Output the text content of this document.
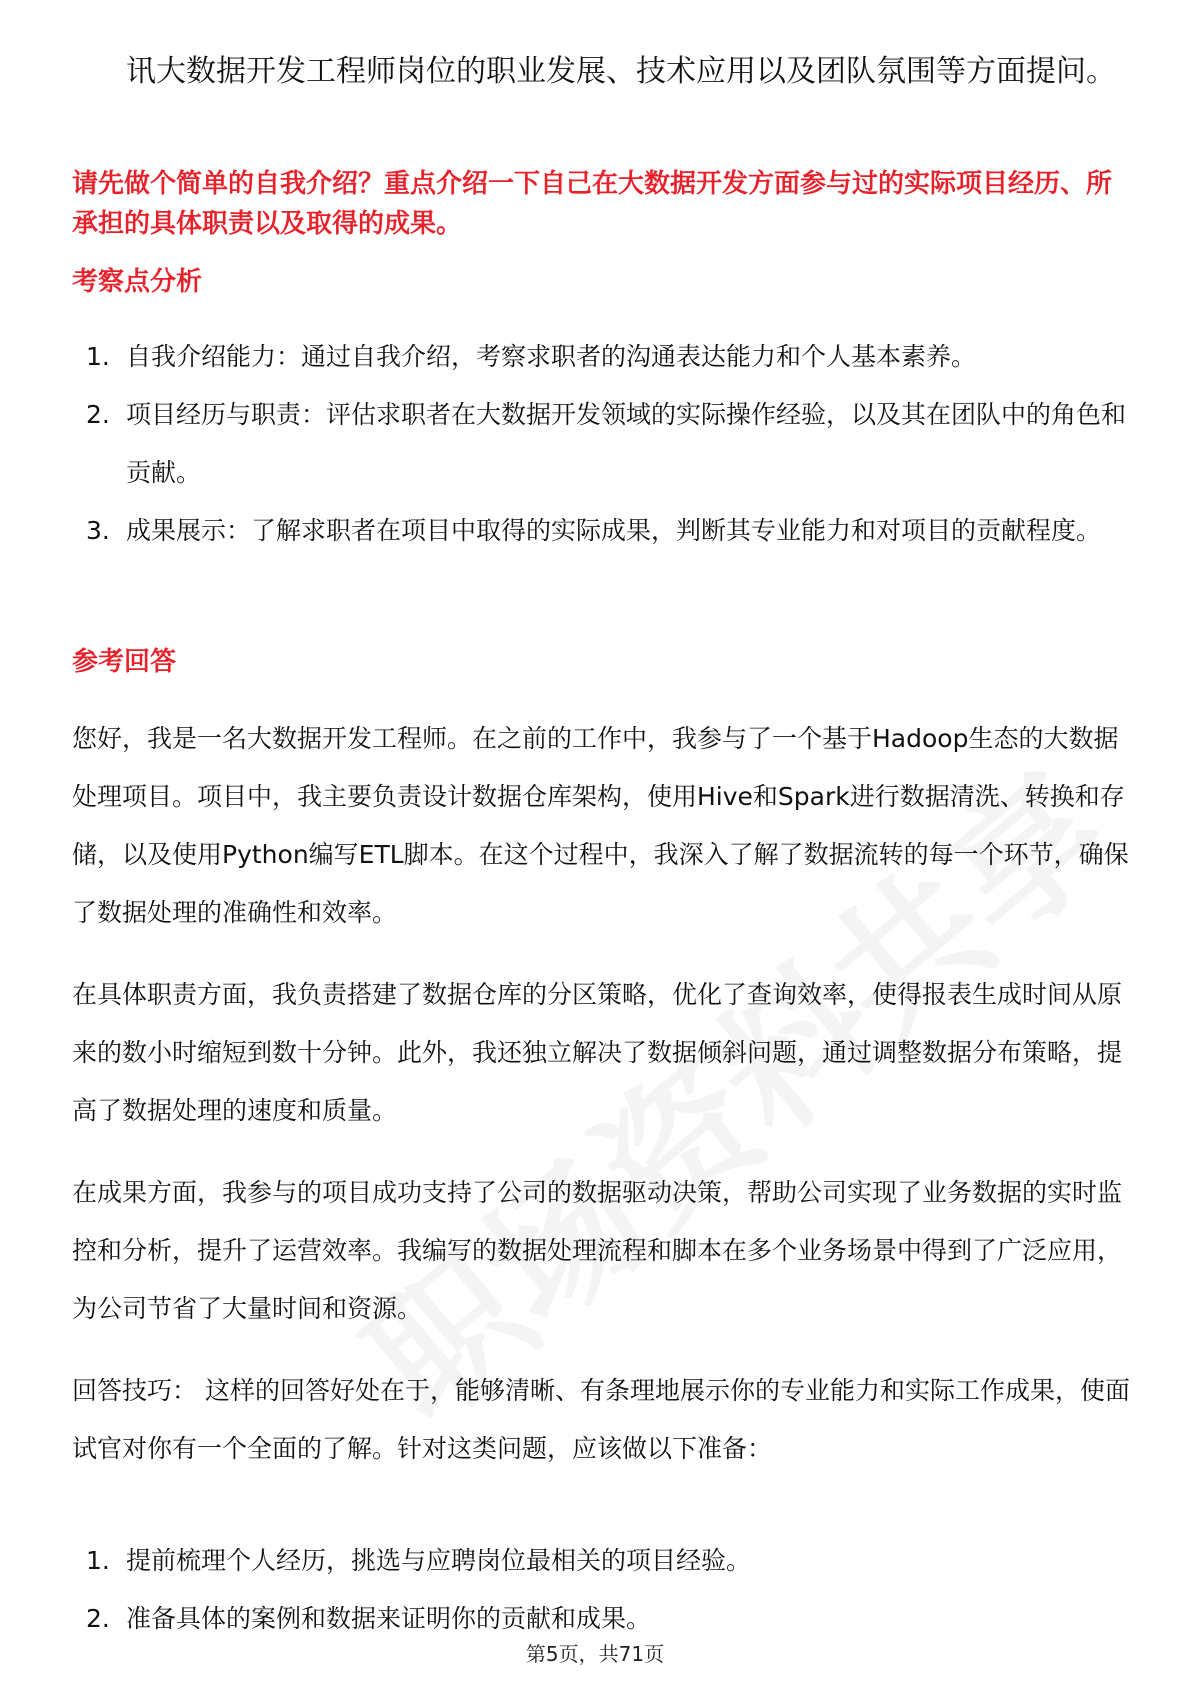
讯大数据开发工程师岗位的职业发展、技术应用以及团队氛围等方面提问。

请先做个简单的自我介绍？重点介绍一下自己在大数据开发方面参与过的实际项目经历、所承担的具体职责以及取得的成果。

考察点分析
1. 自我介绍能力：通过自我介绍，考察求职者的沟通表达能力和个人基本素养。
2. 项目经历与职责：评估求职者在大数据开发领域的实际操作经验，以及其在团队中的角色和贡献。
3. 成果展示：了解求职者在项目中取得的实际成果，判断其专业能力和对项目的贡献程度。
参考回答

您好，我是一名大数据开发工程师。在之前的工作中，我参与了一个基于Hadoop生态的大数据处理项目。项目中，我主要负责设计数据仓库架构，使用Hive和Spark进行数据清洗、转换和存储，以及使用Python编写ETL脚本。在这个过程中，我深入了解了数据流转的每一个环节，确保了数据处理的准确性和效率。

在具体职责方面，我负责搭建了数据仓库的分区策略，优化了查询效率，使得报表生成时间从原来的数小时缩短到数十分钟。此外，我还独立解决了数据倾斜问题，通过调整数据分布策略，提高了数据处理的速度和质量。

在成果方面，我参与的项目成功支持了公司的数据驱动决策，帮助公司实现了业务数据的实时监控和分析，提升了运营效率。我编写的数据处理流程和脚本在多个业务场景中得到了广泛应用，为公司节省了大量时间和资源。

回答技巧： 这样的回答好处在于，能够清晰、有条理地展示你的专业能力和实际工作成果，使面试官对你有一个全面的了解。针对这类问题，应该做以下准备：

1. 提前梳理个人经历，挑选与应聘岗位最相关的项目经验。
2. 准备具体的案例和数据来证明你的贡献和成果。
第5页，共71页
